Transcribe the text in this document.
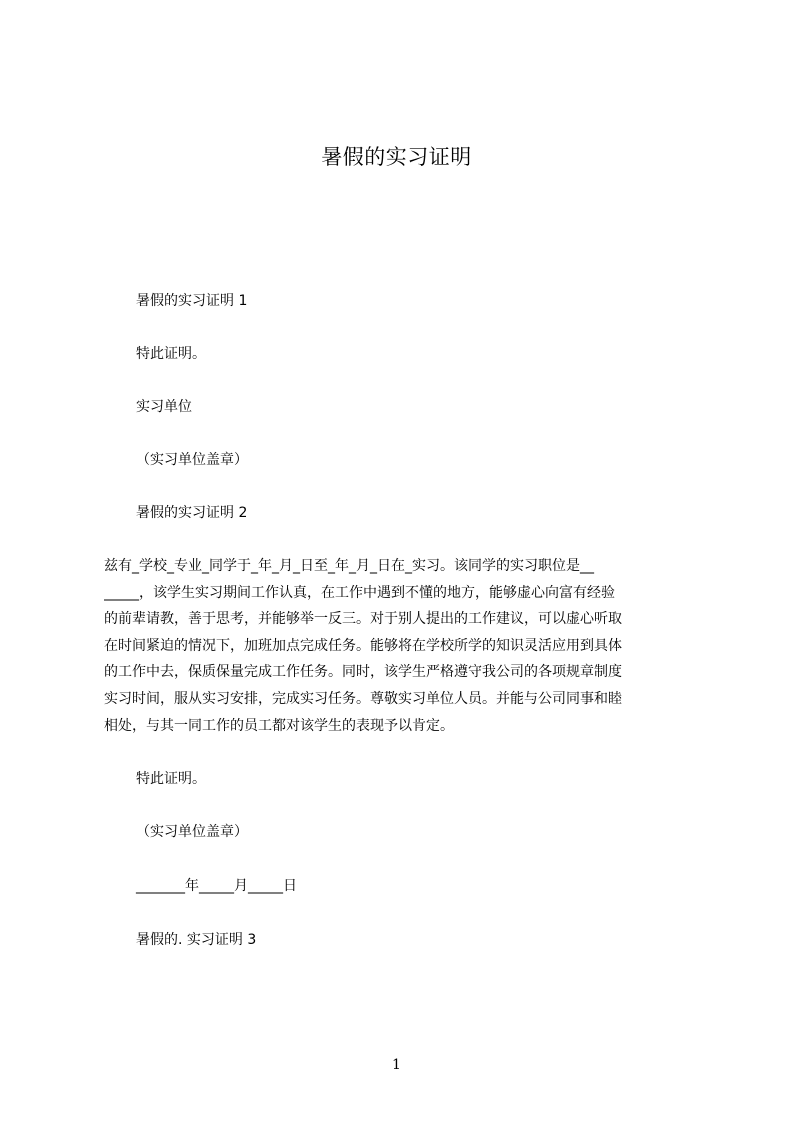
暑假的实习证明
暑假的实习证明 1
特此证明。
实习单位
（实习单位盖章）
暑假的实习证明 2
兹有_学校_专业_同学于_年_月_日至_年_月_日在_实习。该同学的实习职位是__
_____，该学生实习期间工作认真，在工作中遇到不懂的地方，能够虚心向富有经验
的前辈请教，善于思考，并能够举一反三。对于别人提出的工作建议，可以虚心听取
在时间紧迫的情况下，加班加点完成任务。能够将在学校所学的知识灵活应用到具体
的工作中去，保质保量完成工作任务。同时，该学生严格遵守我公司的各项规章制度
实习时间，服从实习安排，完成实习任务。尊敬实习单位人员。并能与公司同事和睦
相处，与其一同工作的员工都对该学生的表现予以肯定。
特此证明。
（实习单位盖章）
_______年_____月_____日
暑假的. 实习证明 3
1
